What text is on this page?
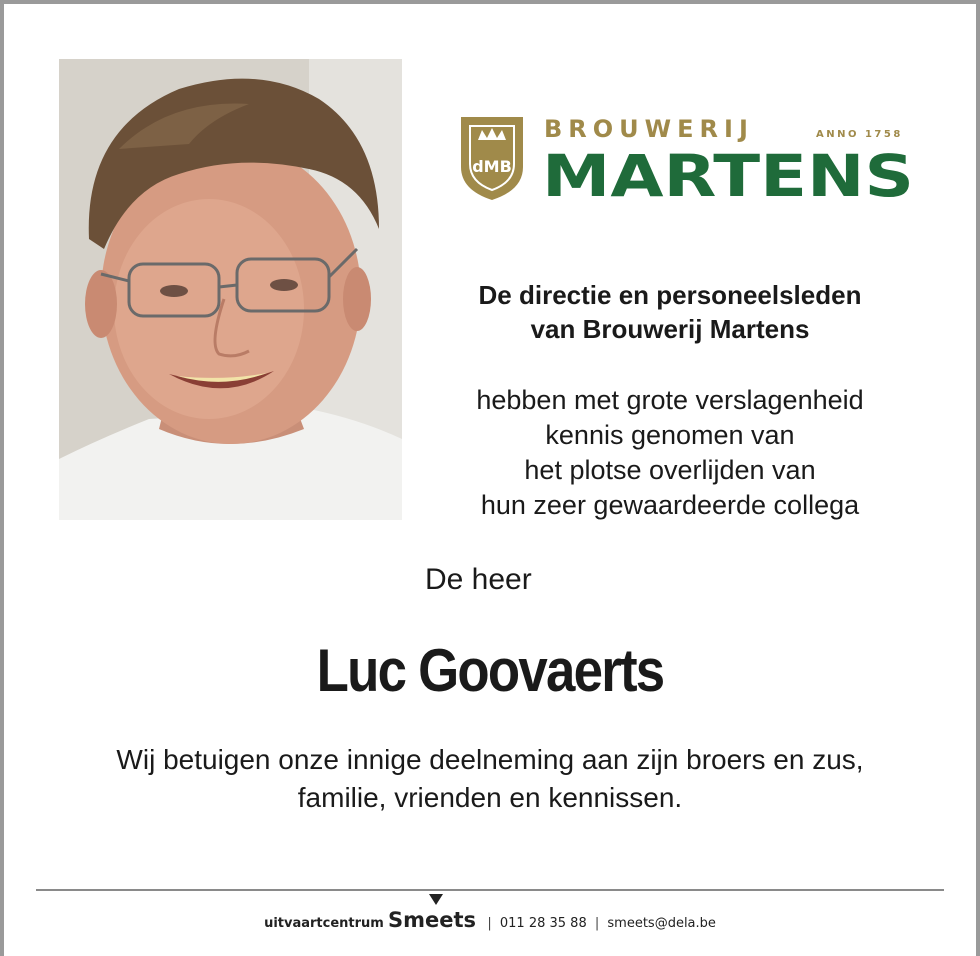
dMB
BROUWERIJ	ANNO 1758
MARTENS
De directie en personeelsleden
van Brouwerij Martens
hebben met grote verslagenheid
kennis genomen van
het plotse overlijden van
hun zeer gewaardeerde collega
De heer
Luc Goovaerts
Wij betuigen onze innige deelneming aan zijn broers en zus,
familie, vrienden en kennissen.
uitvaartcentrum Smeets | 011 28 35 88 | smeets@dela.be
